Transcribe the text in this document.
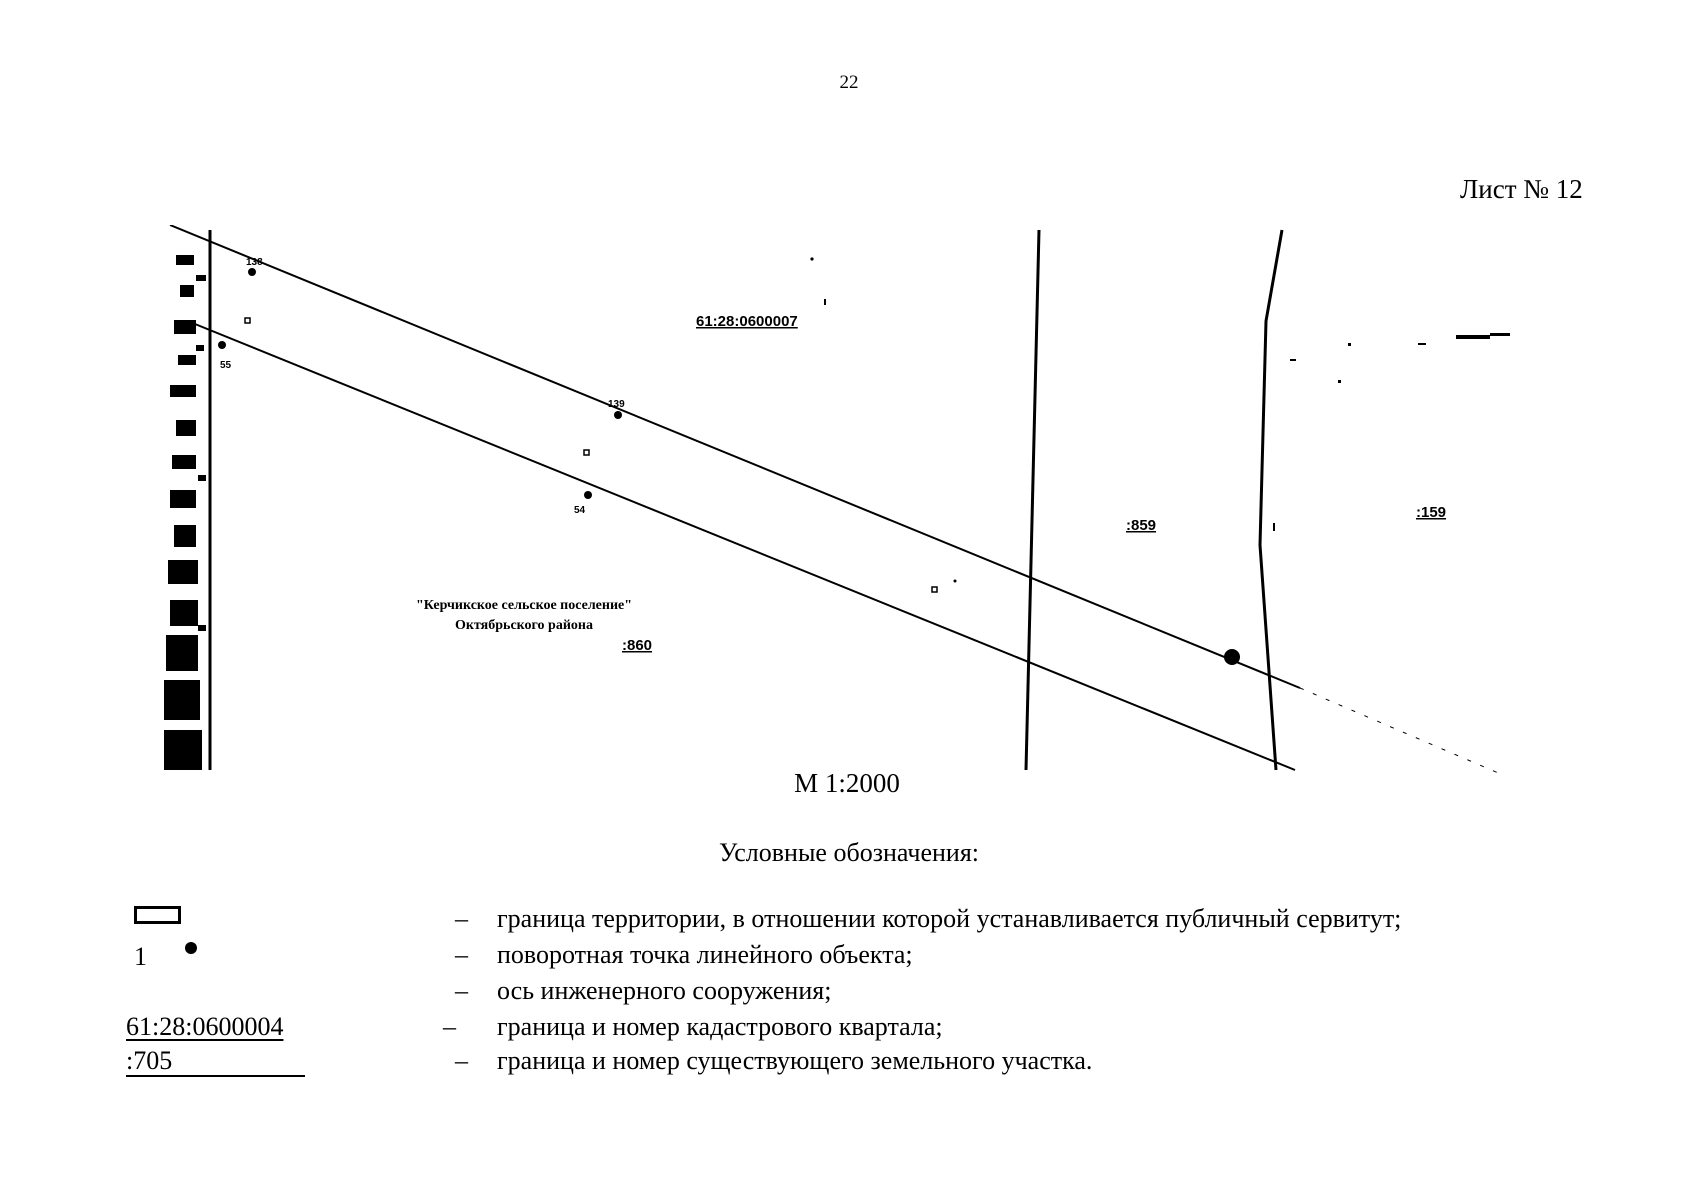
22
Лист № 12
138
139
54
55
61:28:0600007
:859
:159
:860
"Керчикское сельское поселение"
Октябрьского района
М 1:2000
Условные обозначения:
1
61:28:0600004
:705
–
–
–
–
–
граница территории, в отношении которой устанавливается публичный сервитут;
поворотная точка линейного объекта;
ось инженерного сооружения;
граница и номер кадастрового квартала;
граница и номер существующего земельного участка.
